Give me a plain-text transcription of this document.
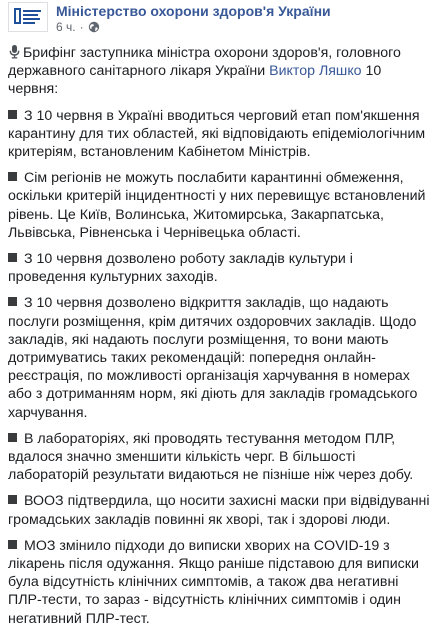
Міністерство охорони здоров'я України
6 ч. ·

Брифінг заступника міністра охорони здоров'я, головного державного санітарного лікаря України Виктор Ляшко 10 червня:

З 10 червня в Україні вводиться черговий етап пом'якшення карантину для тих областей, які відповідають епідеміологічним критеріям, встановленим Кабінетом Міністрів.

Сім регіонів не можуть послабити карантинні обмеження, оскільки критерій інцидентності у них перевищує встановлений рівень. Це Київ, Волинська, Житомирська, Закарпатська, Львівська, Рівненська і Чернівецька області.

З 10 червня дозволено роботу закладів культури і проведення культурних заходів.

З 10 червня дозволено відкриття закладів, що надають послуги розміщення, крім дитячих оздоровчих закладів. Щодо закладів, які надають послуги розміщення, то вони мають дотримуватись таких рекомендацій: попередня онлайн-реєстрація, по можливості організація харчування в номерах або з дотриманням норм, які діють для закладів громадського харчування.

В лабораторіях, які проводять тестування методом ПЛР, вдалося значно зменшити кількість черг. В більшості лабораторій результати видаються не пізніше ніж через добу.

ВООЗ підтвердила, що носити захисні маски при відвідуванні громадських закладів повинні як хворі, так і здорові люди.

МОЗ змінило підходи до виписки хворих на COVID-19 з лікарень після одужання. Якщо раніше підставою для виписки була відсутність клінічних симптомів, а також два негативні ПЛР-тести, то зараз - відсутність клінічних симптомів і один негативний ПЛР-тест.
